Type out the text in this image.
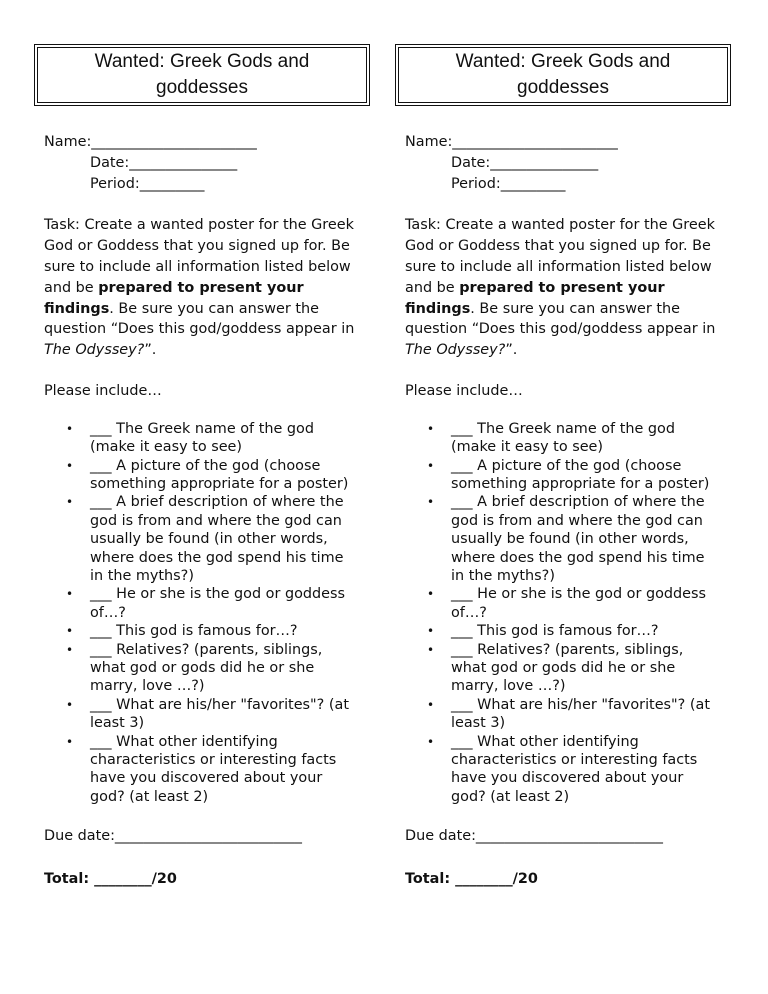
Wanted: Greek Gods and goddesses
Name:_______________________
Date:_______________
Period:_________
Task: Create a wanted poster for the Greek God or Goddess that you signed up for. Be sure to include all information listed below and be prepared to present your findings. Be sure you can answer the question “Does this god/goddess appear in The Odyssey?”.
Please include…
• ___ The Greek name of the god (make it easy to see)
• ___ A picture of the god (choose something appropriate for a poster)
• ___ A brief description of where the god is from and where the god can usually be found (in other words, where does the god spend his time in the myths?)
• ___ He or she is the god or goddess of…?
• ___ This god is famous for…?
• ___ Relatives? (parents, siblings, what god or gods did he or she marry, love …?)
• ___ What are his/her "favorites"? (at least 3)
• ___ What other identifying characteristics or interesting facts have you discovered about your god? (at least 2)
Due date:__________________________
Total: ________/20
Wanted: Greek Gods and goddesses
Name:_______________________
Date:_______________
Period:_________
Task: Create a wanted poster for the Greek God or Goddess that you signed up for. Be sure to include all information listed below and be prepared to present your findings. Be sure you can answer the question “Does this god/goddess appear in The Odyssey?”.
Please include…
• ___ The Greek name of the god (make it easy to see)
• ___ A picture of the god (choose something appropriate for a poster)
• ___ A brief description of where the god is from and where the god can usually be found (in other words, where does the god spend his time in the myths?)
• ___ He or she is the god or goddess of…?
• ___ This god is famous for…?
• ___ Relatives? (parents, siblings, what god or gods did he or she marry, love …?)
• ___ What are his/her "favorites"? (at least 3)
• ___ What other identifying characteristics or interesting facts have you discovered about your god? (at least 2)
Due date:__________________________
Total: ________/20
